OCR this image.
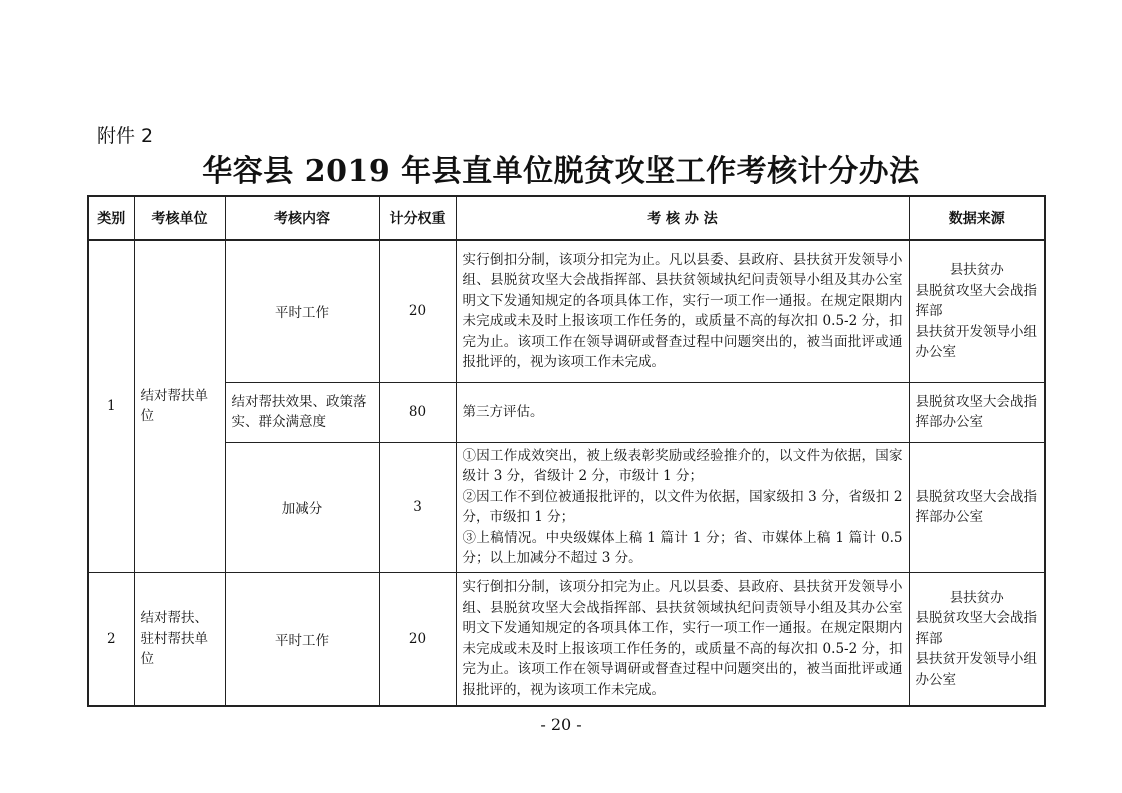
附件 2
华容县 2019 年县直单位脱贫攻坚工作考核计分办法
类别	考核单位	考核内容	计分权重	考 核 办 法	数据来源
1	结对帮扶单位	平时工作	20	实行倒扣分制，该项分扣完为止。凡以县委、县政府、县扶贫开发领导小组、县脱贫攻坚大会战指挥部、县扶贫领域执纪问责领导小组及其办公室明文下发通知规定的各项具体工作，实行一项工作一通报。在规定限期内未完成或未及时上报该项工作任务的，或质量不高的每次扣 0.5-2 分，扣完为止。该项工作在领导调研或督查过程中问题突出的，被当面批评或通报批评的，视为该项工作未完成。	县扶贫办
县脱贫攻坚大会战指挥部
县扶贫开发领导小组办公室
		结对帮扶效果、政策落实、群众满意度	80	第三方评估。	县脱贫攻坚大会战指挥部办公室
		加减分	3	①因工作成效突出，被上级表彰奖励或经验推介的，以文件为依据，国家级计 3 分，省级计 2 分，市级计 1 分；
②因工作不到位被通报批评的，以文件为依据，国家级扣 3 分，省级扣 2 分，市级扣 1 分；
③上稿情况。中央级媒体上稿 1 篇计 1 分；省、市媒体上稿 1 篇计 0.5 分；以上加减分不超过 3 分。	县脱贫攻坚大会战指挥部办公室
2	结对帮扶、驻村帮扶单位	平时工作	20	实行倒扣分制，该项分扣完为止。凡以县委、县政府、县扶贫开发领导小组、县脱贫攻坚大会战指挥部、县扶贫领域执纪问责领导小组及其办公室明文下发通知规定的各项具体工作，实行一项工作一通报。在规定限期内未完成或未及时上报该项工作任务的，或质量不高的每次扣 0.5-2 分，扣完为止。该项工作在领导调研或督查过程中问题突出的，被当面批评或通报批评的，视为该项工作未完成。	县扶贫办
县脱贫攻坚大会战指挥部
县扶贫开发领导小组办公室
- 20 -
